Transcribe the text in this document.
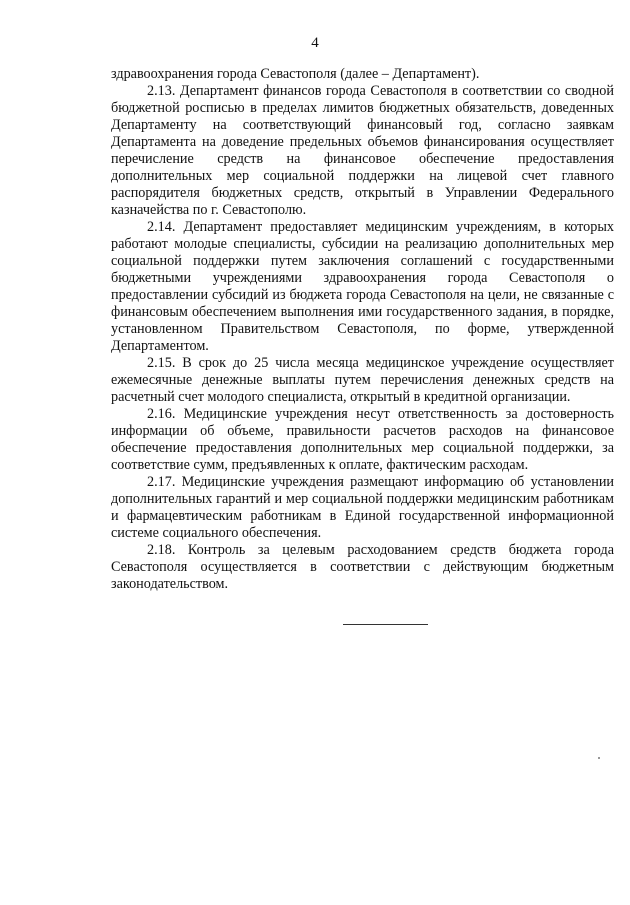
4

здравоохранения города Севастополя (далее – Департамент).

2.13. Департамент финансов города Севастополя в соответствии со сводной бюджетной росписью в пределах лимитов бюджетных обязательств, доведенных Департаменту на соответствующий финансовый год, согласно заявкам Департамента на доведение предельных объемов финансирования осуществляет перечисление средств на финансовое обеспечение предоставления дополнительных мер социальной поддержки на лицевой счет главного распорядителя бюджетных средств, открытый в Управлении Федерального казначейства по г. Севастополю.

2.14. Департамент предоставляет медицинским учреждениям, в которых работают молодые специалисты, субсидии на реализацию дополнительных мер социальной поддержки путем заключения соглашений с государственными бюджетными учреждениями здравоохранения города Севастополя о предоставлении субсидий из бюджета города Севастополя на цели, не связанные с финансовым обеспечением выполнения ими государственного задания, в порядке, установленном Правительством Севастополя, по форме, утвержденной Департаментом.

2.15. В срок до 25 числа месяца медицинское учреждение осуществляет ежемесячные денежные выплаты путем перечисления денежных средств на расчетный счет молодого специалиста, открытый в кредитной организации.

2.16. Медицинские учреждения несут ответственность за достоверность информации об объеме, правильности расчетов расходов на финансовое обеспечение предоставления дополнительных мер социальной поддержки, за соответствие сумм, предъявленных к оплате, фактическим расходам.

2.17. Медицинские учреждения размещают информацию об установлении дополнительных гарантий и мер социальной поддержки медицинским работникам и фармацевтическим работникам в Единой государственной информационной системе социального обеспечения.

2.18. Контроль за целевым расходованием средств бюджета города Севастополя осуществляется в соответствии с действующим бюджетным законодательством.
